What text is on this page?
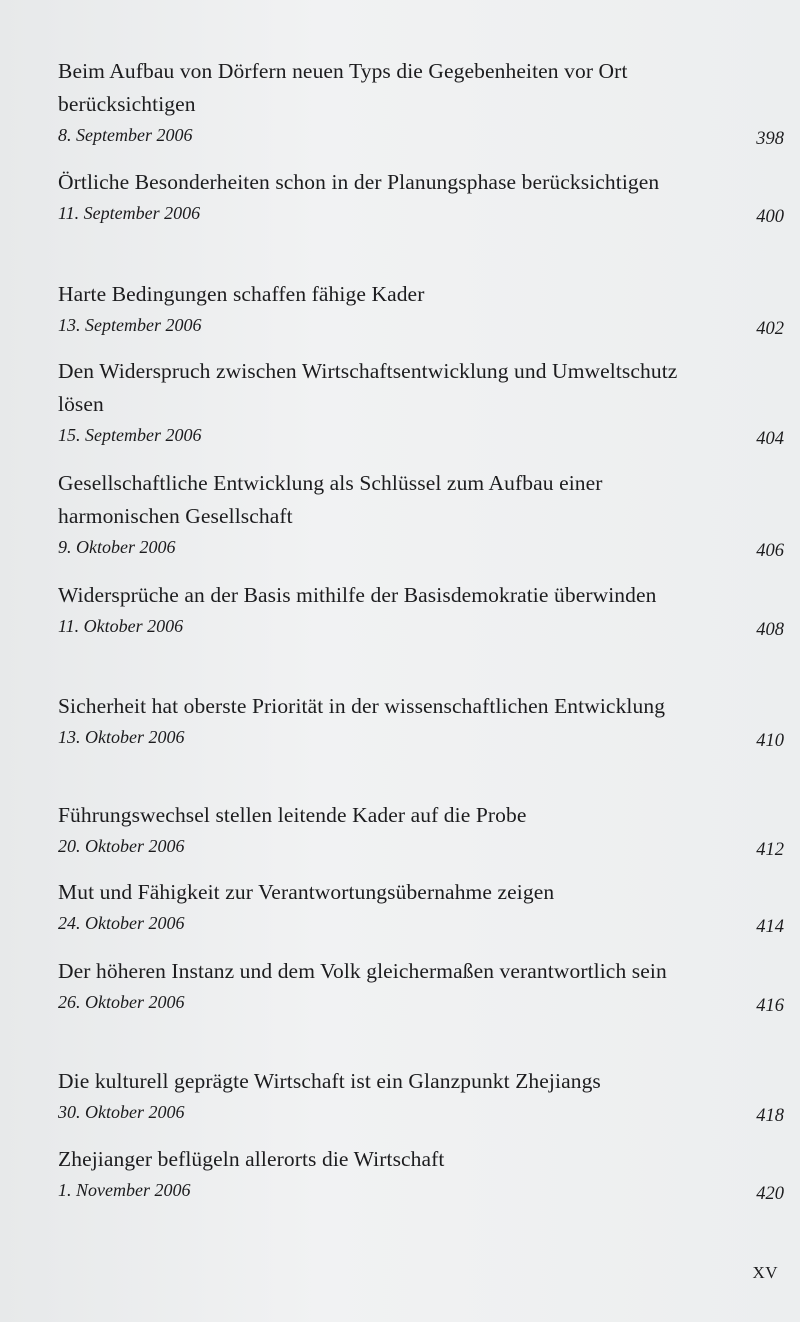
Beim Aufbau von Dörfern neuen Typs die Gegebenheiten vor Ort berücksichtigen

8. September 2006	398

Örtliche Besonderheiten schon in der Planungsphase berücksichtigen

11. September 2006	400

Harte Bedingungen schaffen fähige Kader

13. September 2006	402

Den Widerspruch zwischen Wirtschaftsentwicklung und Umweltschutz lösen

15. September 2006	404

Gesellschaftliche Entwicklung als Schlüssel zum Aufbau einer harmonischen Gesellschaft

9. Oktober 2006	406

Widersprüche an der Basis mithilfe der Basisdemokratie überwinden

11. Oktober 2006	408

Sicherheit hat oberste Priorität in der wissenschaftlichen Entwicklung

13. Oktober 2006	410

Führungswechsel stellen leitende Kader auf die Probe

20. Oktober 2006	412

Mut und Fähigkeit zur Verantwortungsübernahme zeigen

24. Oktober 2006	414

Der höheren Instanz und dem Volk gleichermaßen verantwortlich sein

26. Oktober 2006	416

Die kulturell geprägte Wirtschaft ist ein Glanzpunkt Zhejiangs

30. Oktober 2006	418

Zhejianger beflügeln allerorts die Wirtschaft

1. November 2006	420
XV
